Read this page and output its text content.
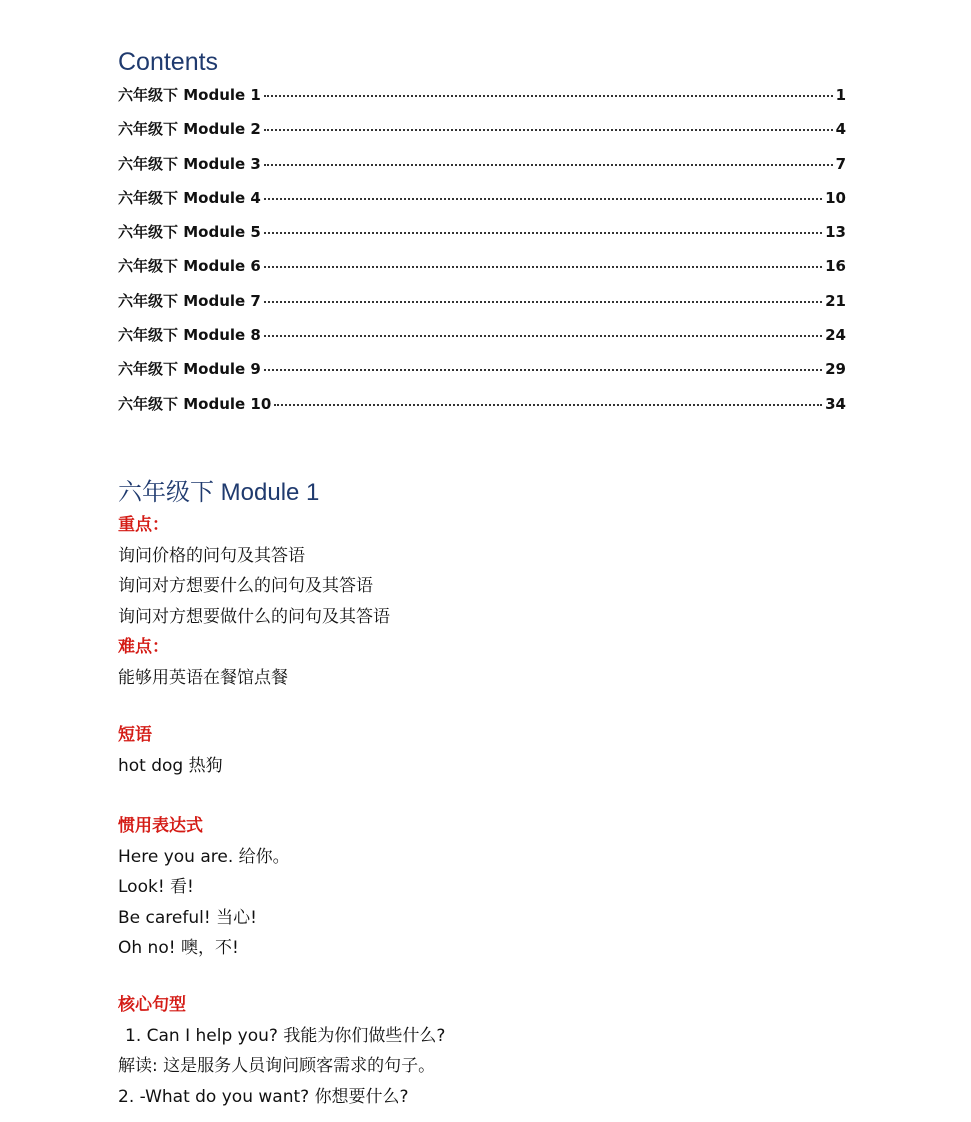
Contents
六年级下 Module 1	1
六年级下 Module 2	4
六年级下 Module 3	7
六年级下 Module 4	10
六年级下 Module 5	13
六年级下 Module 6	16
六年级下 Module 7	21
六年级下 Module 8	24
六年级下 Module 9	29
六年级下 Module 10	34
六年级下 Module 1
重点：
询问价格的问句及其答语
询问对方想要什么的问句及其答语
询问对方想要做什么的问句及其答语
难点：
能够用英语在餐馆点餐
短语
hot dog 热狗
惯用表达式
Here you are. 给你。
Look! 看!
Be careful! 当心!
Oh no! 噢，不!
核心句型
1. Can I help you? 我能为你们做些什么?
解读: 这是服务人员询问顾客需求的句子。
2. -What do you want? 你想要什么?
